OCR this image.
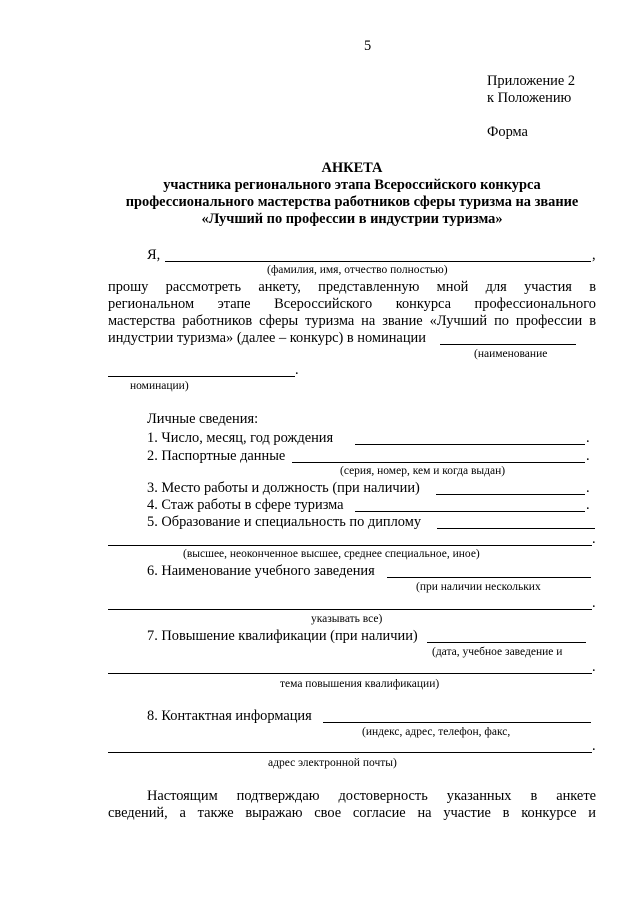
5
Приложение 2
к Положению
Форма
АНКЕТА
участника регионального этапа Всероссийского конкурса
профессионального мастерства работников сферы туризма на звание
«Лучший по профессии в индустрии туризма»
Я,	,
(фамилия, имя, отчество полностью)
прошу рассмотреть анкету, представленную мной для участия в
региональном этапе Всероссийского конкурса профессионального
мастерства работников сферы туризма на звание «Лучший по профессии в
индустрии туризма» (далее – конкурс) в номинации
(наименование
.
номинации)
Личные сведения:
1. Число, месяц, год рождения	.
2. Паспортные данные	.
(серия, номер, кем и когда выдан)
3. Место работы и должность (при наличии)	.
4. Стаж работы в сфере туризма	.
5. Образование и специальность по диплому
.
(высшее, неоконченное высшее, среднее специальное, иное)
6. Наименование учебного заведения
(при наличии нескольких
.
указывать все)
7. Повышение квалификации (при наличии)
(дата, учебное заведение и
.
тема повышения квалификации)
8. Контактная информация
(индекс, адрес, телефон, факс,
.
адрес электронной почты)
Настоящим подтверждаю достоверность указанных в анкете
сведений, а также выражаю свое согласие на участие в конкурсе и
